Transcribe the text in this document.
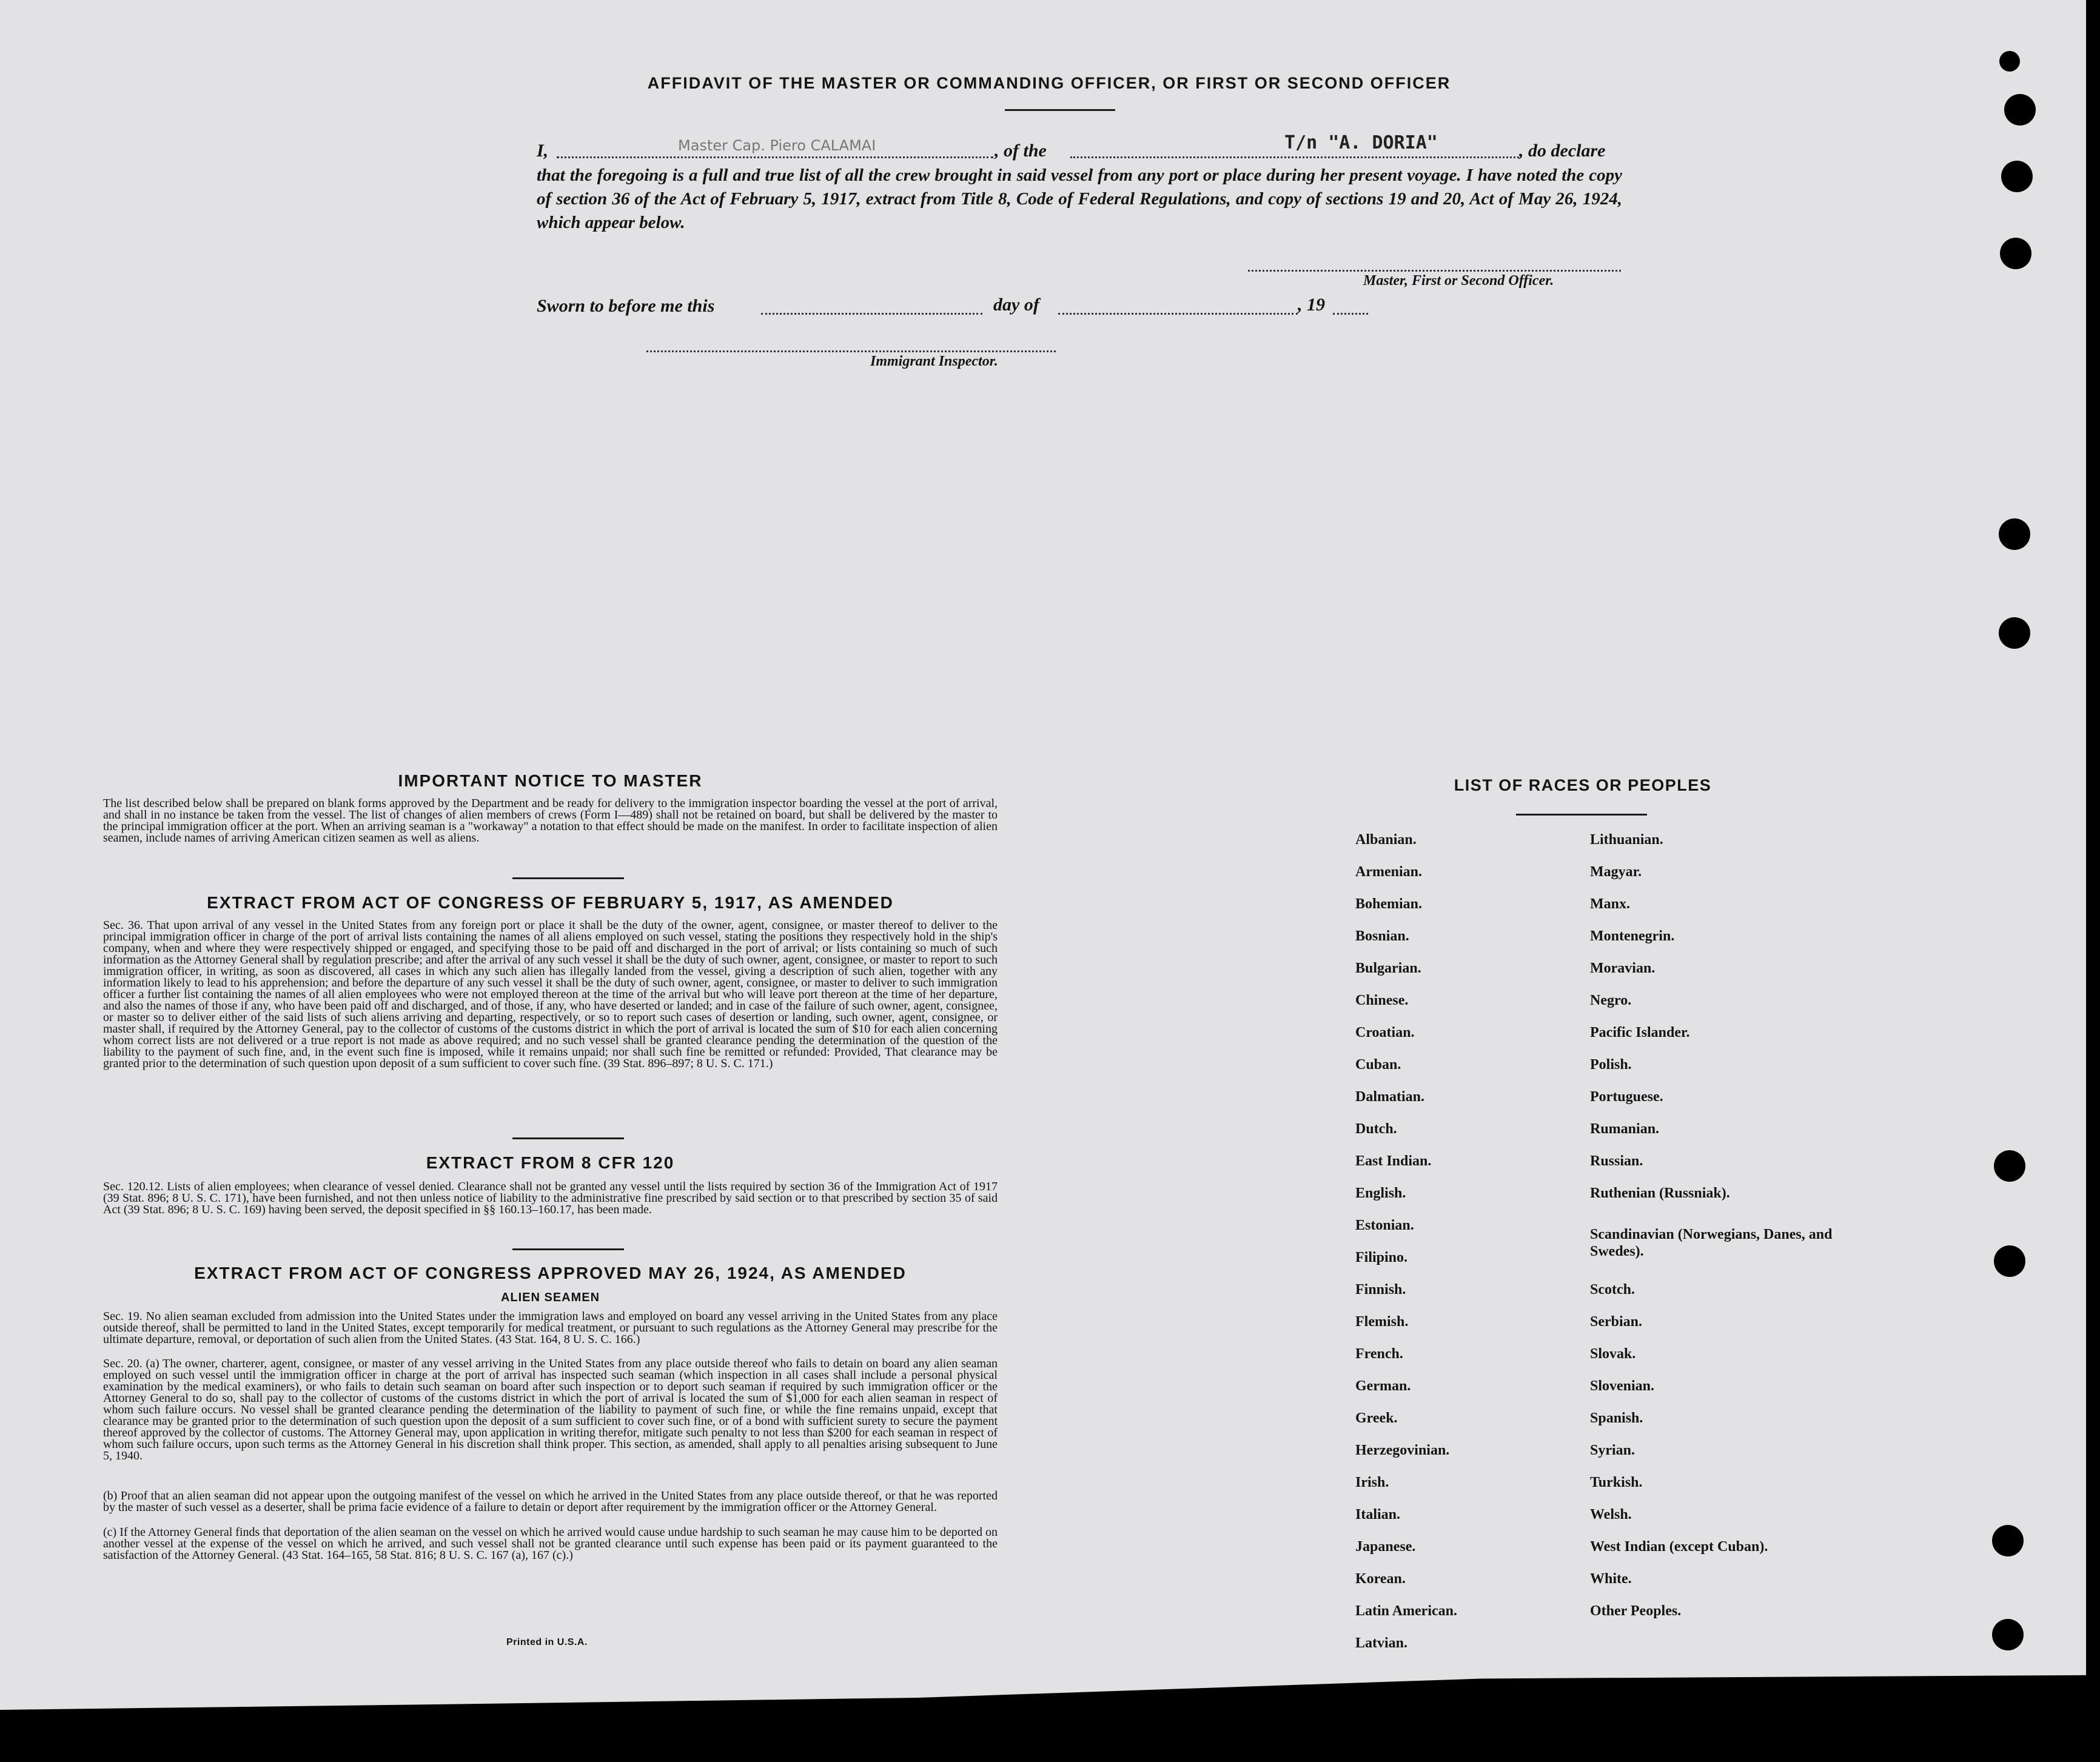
AFFIDAVIT OF THE MASTER OR COMMANDING OFFICER, OR FIRST OR SECOND OFFICER
I,	Master Cap. Piero CALAMAI	, of the	T/n "A. DORIA"	, do declare
that the foregoing is a full and true list of all the crew brought in said vessel from any port or place during her present voyage. I have noted the copy of section 36 of the Act of February 5, 1917, extract from Title 8, Code of Federal Regulations, and copy of sections 19 and 20, Act of May 26, 1924, which appear below.
Master, First or Second Officer.
Sworn to before me this	day of	, 19
Immigrant Inspector.
IMPORTANT NOTICE TO MASTER
The list described below shall be prepared on blank forms approved by the Department and be ready for delivery to the immigration inspector boarding the vessel at the port of arrival, and shall in no instance be taken from the vessel. The list of changes of alien members of crews (Form I—489) shall not be retained on board, but shall be delivered by the master to the principal immigration officer at the port. When an arriving seaman is a "workaway" a notation to that effect should be made on the manifest. In order to facilitate inspection of alien seamen, include names of arriving American citizen seamen as well as aliens.
EXTRACT FROM ACT OF CONGRESS OF FEBRUARY 5, 1917, AS AMENDED
Sec. 36. That upon arrival of any vessel in the United States from any foreign port or place it shall be the duty of the owner, agent, consignee, or master thereof to deliver to the principal immigration officer in charge of the port of arrival lists containing the names of all aliens employed on such vessel, stating the positions they respectively hold in the ship's company, when and where they were respectively shipped or engaged, and specifying those to be paid off and discharged in the port of arrival; or lists containing so much of such information as the Attorney General shall by regulation prescribe; and after the arrival of any such vessel it shall be the duty of such owner, agent, consignee, or master to report to such immigration officer, in writing, as soon as discovered, all cases in which any such alien has illegally landed from the vessel, giving a description of such alien, together with any information likely to lead to his apprehension; and before the departure of any such vessel it shall be the duty of such owner, agent, consignee, or master to deliver to such immigration officer a further list containing the names of all alien employees who were not employed thereon at the time of the arrival but who will leave port thereon at the time of her departure, and also the names of those if any, who have been paid off and discharged, and of those, if any, who have deserted or landed; and in case of the failure of such owner, agent, consignee, or master so to deliver either of the said lists of such aliens arriving and departing, respectively, or so to report such cases of desertion or landing, such owner, agent, consignee, or master shall, if required by the Attorney General, pay to the collector of customs of the customs district in which the port of arrival is located the sum of $10 for each alien concerning whom correct lists are not delivered or a true report is not made as above required; and no such vessel shall be granted clearance pending the determination of the question of the liability to the payment of such fine, and, in the event such fine is imposed, while it remains unpaid; nor shall such fine be remitted or refunded: Provided, That clearance may be granted prior to the determination of such question upon deposit of a sum sufficient to cover such fine. (39 Stat. 896–897; 8 U. S. C. 171.)
EXTRACT FROM 8 CFR 120
Sec. 120.12. Lists of alien employees; when clearance of vessel denied. Clearance shall not be granted any vessel until the lists required by section 36 of the Immigration Act of 1917 (39 Stat. 896; 8 U. S. C. 171), have been furnished, and not then unless notice of liability to the administrative fine prescribed by said section or to that prescribed by section 35 of said Act (39 Stat. 896; 8 U. S. C. 169) having been served, the deposit specified in §§ 160.13–160.17, has been made.
EXTRACT FROM ACT OF CONGRESS APPROVED MAY 26, 1924, AS AMENDED
ALIEN SEAMEN
Sec. 19. No alien seaman excluded from admission into the United States under the immigration laws and employed on board any vessel arriving in the United States from any place outside thereof, shall be permitted to land in the United States, except temporarily for medical treatment, or pursuant to such regulations as the Attorney General may prescribe for the ultimate departure, removal, or deportation of such alien from the United States. (43 Stat. 164, 8 U. S. C. 166.)
Sec. 20. (a) The owner, charterer, agent, consignee, or master of any vessel arriving in the United States from any place outside thereof who fails to detain on board any alien seaman employed on such vessel until the immigration officer in charge at the port of arrival has inspected such seaman (which inspection in all cases shall include a personal physical examination by the medical examiners), or who fails to detain such seaman on board after such inspection or to deport such seaman if required by such immigration officer or the Attorney General to do so, shall pay to the collector of customs of the customs district in which the port of arrival is located the sum of $1,000 for each alien seaman in respect of whom such failure occurs. No vessel shall be granted clearance pending the determination of the liability to payment of such fine, or while the fine remains unpaid, except that clearance may be granted prior to the determination of such question upon the deposit of a sum sufficient to cover such fine, or of a bond with sufficient surety to secure the payment thereof approved by the collector of customs. The Attorney General may, upon application in writing therefor, mitigate such penalty to not less than $200 for each seaman in respect of whom such failure occurs, upon such terms as the Attorney General in his discretion shall think proper. This section, as amended, shall apply to all penalties arising subsequent to June 5, 1940.
(b) Proof that an alien seaman did not appear upon the outgoing manifest of the vessel on which he arrived in the United States from any place outside thereof, or that he was reported by the master of such vessel as a deserter, shall be prima facie evidence of a failure to detain or deport after requirement by the immigration officer or the Attorney General.
(c) If the Attorney General finds that deportation of the alien seaman on the vessel on which he arrived would cause undue hardship to such seaman he may cause him to be deported on another vessel at the expense of the vessel on which he arrived, and such vessel shall not be granted clearance until such expense has been paid or its payment guaranteed to the satisfaction of the Attorney General. (43 Stat. 164–165, 58 Stat. 816; 8 U. S. C. 167 (a), 167 (c).)
Printed in U.S.A.
LIST OF RACES OR PEOPLES
Albanian.
Armenian.
Bohemian.
Bosnian.
Bulgarian.
Chinese.
Croatian.
Cuban.
Dalmatian.
Dutch.
East Indian.
English.
Estonian.
Filipino.
Finnish.
Flemish.
French.
German.
Greek.
Herzegovinian.
Irish.
Italian.
Japanese.
Korean.
Latin American.
Latvian.
Lithuanian.
Magyar.
Manx.
Montenegrin.
Moravian.
Negro.
Pacific Islander.
Polish.
Portuguese.
Rumanian.
Russian.
Ruthenian (Russniak).
Scandinavian (Norwegians, Danes, and Swedes).
Scotch.
Serbian.
Slovak.
Slovenian.
Spanish.
Syrian.
Turkish.
Welsh.
West Indian (except Cuban).
White.
Other Peoples.
